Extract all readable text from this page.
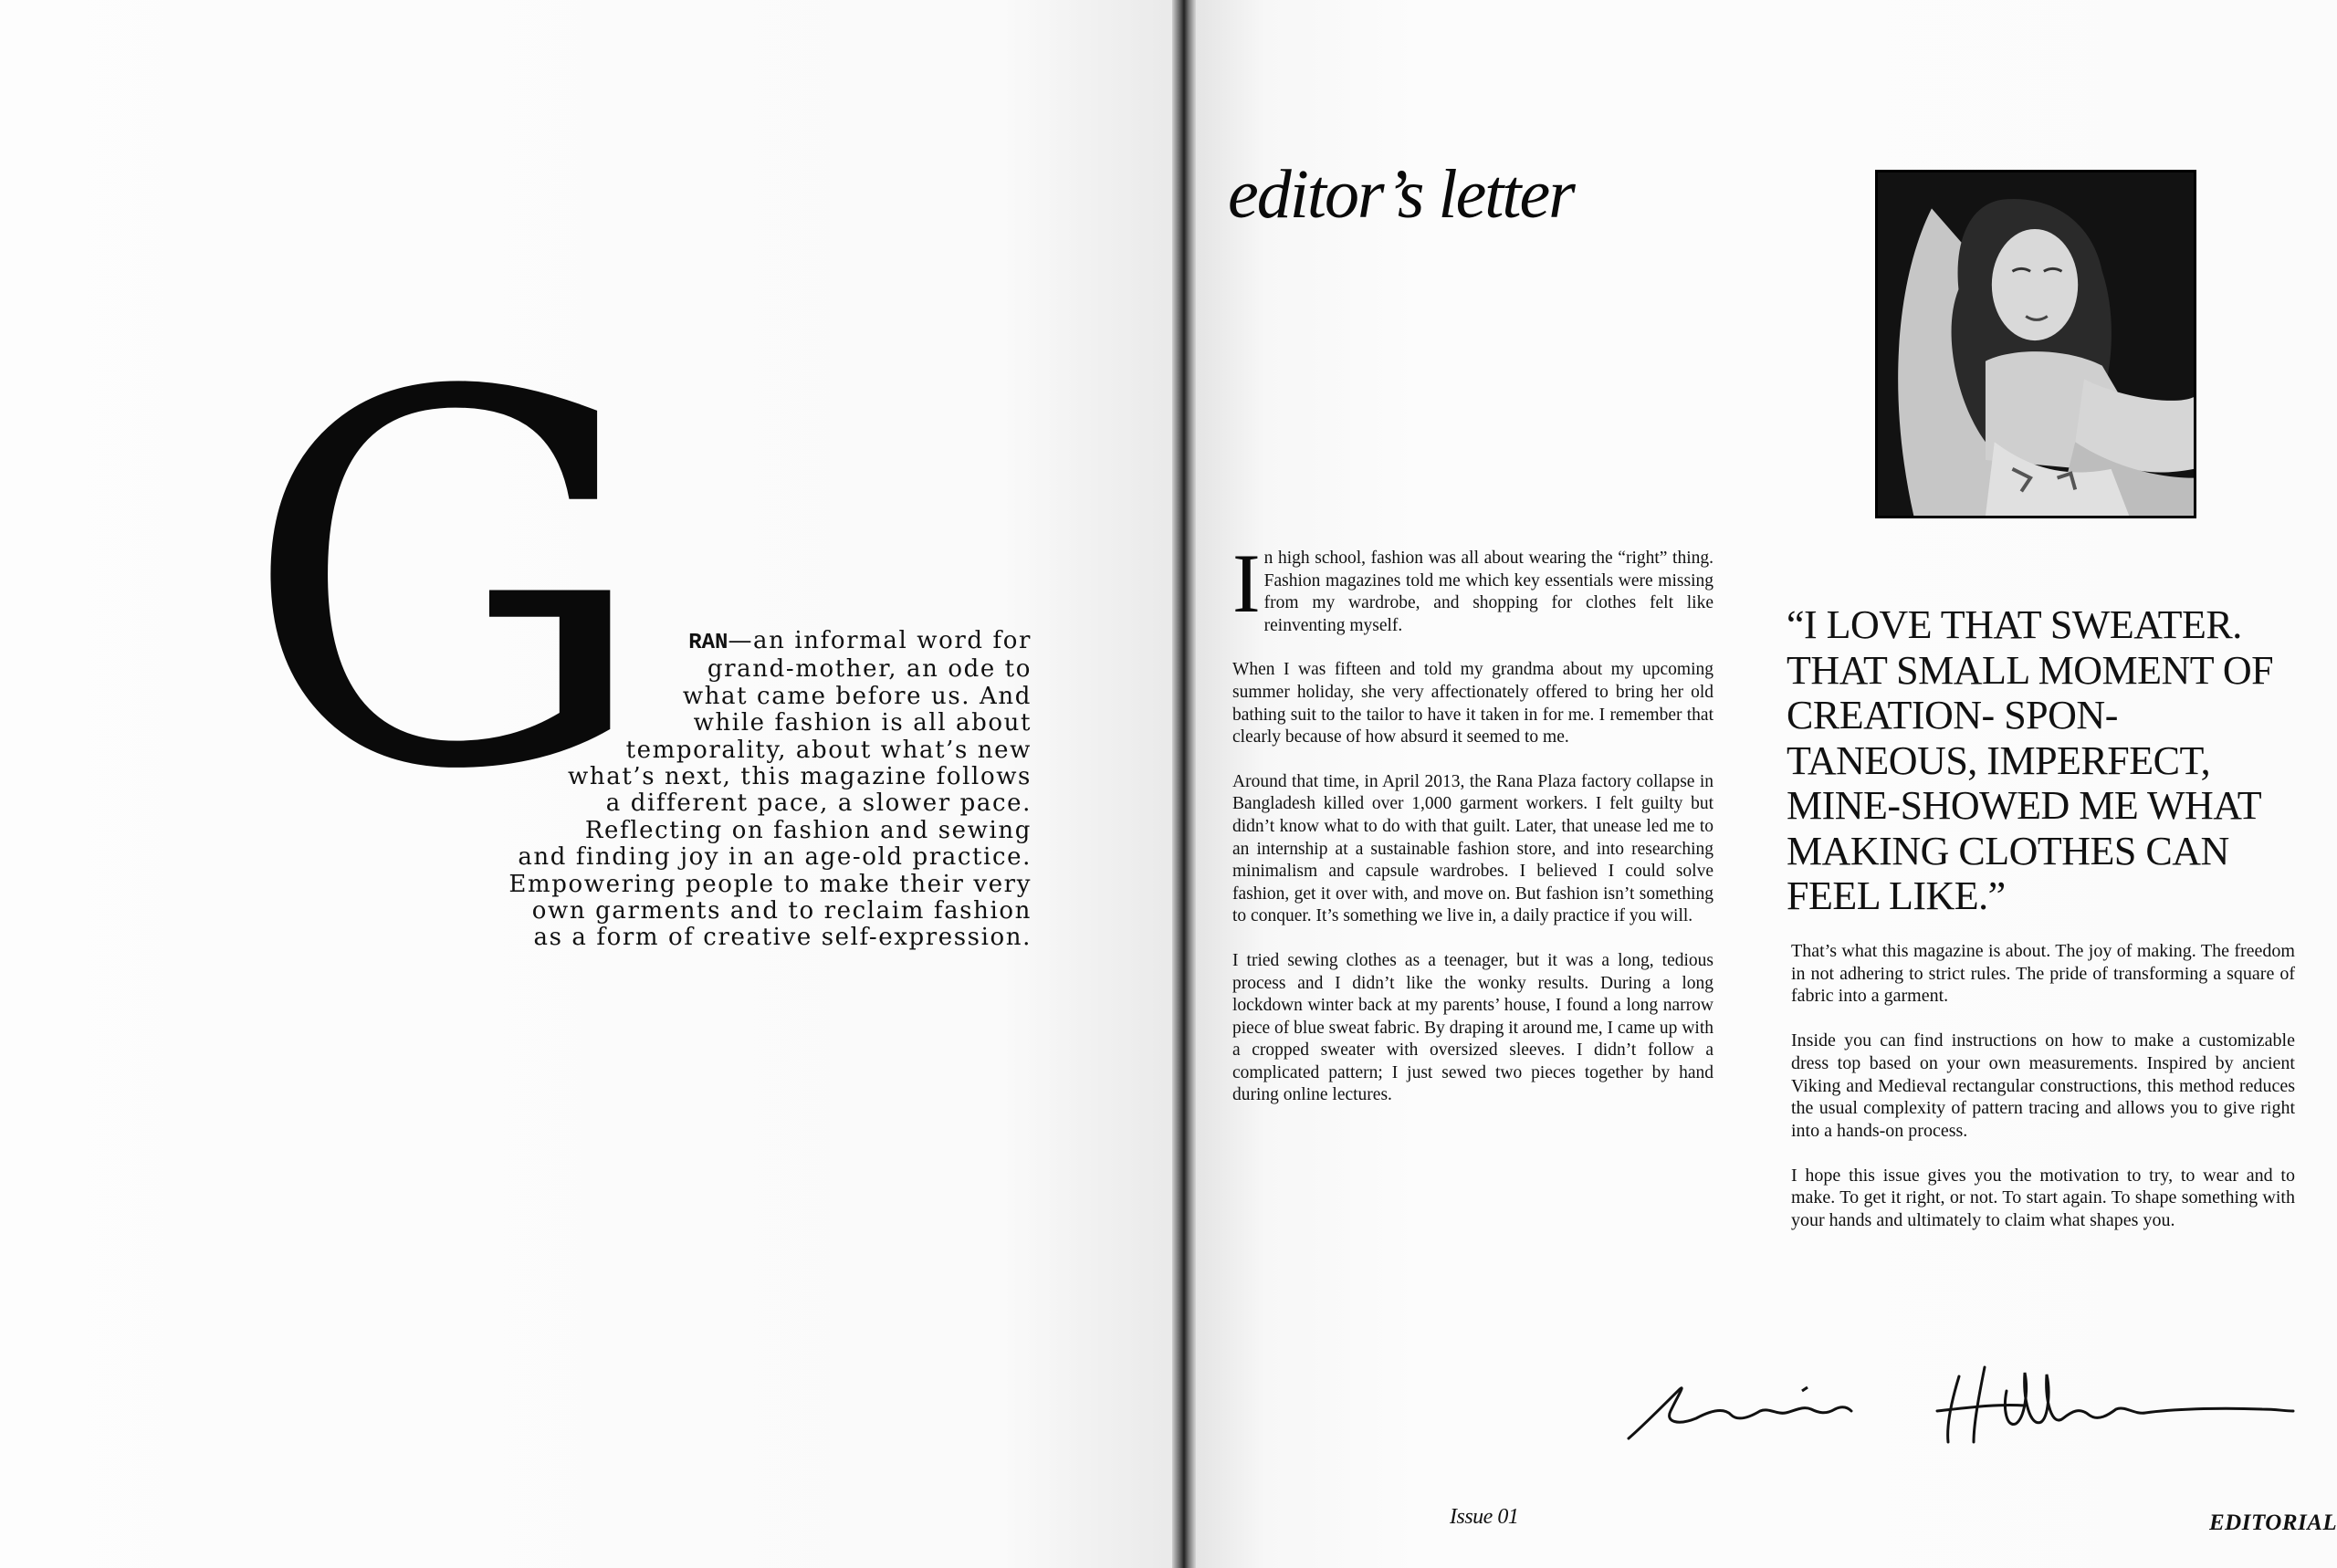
G	RAN—an informal word for
grand-mother, an ode to
what came before us. And
while fashion is all about
temporality, about what’s new
what’s next, this magazine follows
a different pace, a slower pace.
Reflecting on fashion and sewing
and finding joy in an age-old practice.
Empowering people to make their very
own garments and to reclaim fashion
as a form of creative self-expression.
editor’s letter

In high school, fashion was all about wearing the “right” thing. Fashion magazines told me which key essentials were missing from my wardrobe, and shopping for clothes felt like reinventing myself.

When I was fifteen and told my grandma about my upcoming summer holiday, she very affectionately offered to bring her old bathing suit to the tailor to have it taken in for me. I remember that clearly because of how absurd it seemed to me.

Around that time, in April 2013, the Rana Plaza factory collapse in Bangladesh killed over 1,000 garment workers. I felt guilty but didn’t know what to do with that guilt. Later, that unease led me to an internship at a sustainable fashion store, and into researching minimalism and capsule wardrobes. I believed I could solve fashion, get it over with, and move on. But fashion isn’t something to conquer. It’s something we live in, a daily practice if you will.

I tried sewing clothes as a teenager, but it was a long, tedious process and I didn’t like the wonky results. During a long lockdown winter back at my parents’ house, I found a long narrow piece of blue sweat fabric. By draping it around me, I came up with a cropped sweater with oversized sleeves. I didn’t follow a complicated pattern; I just sewed two pieces together by hand during online lectures.

“I LOVE THAT SWEATER. THAT SMALL MOMENT OF CREATION- SPON-TANEOUS, IMPERFECT, MINE-SHOWED ME WHAT MAKING CLOTHES CAN FEEL LIKE.”

That’s what this magazine is about. The joy of making. The freedom in not adhering to strict rules. The pride of transforming a square of fabric into a garment.

Inside you can find instructions on how to make a customizable dress top based on your own measurements. Inspired by ancient Viking and Medieval rectangular constructions, this method reduces the usual complexity of pattern tracing and allows you to give right into a hands-on process.

I hope this issue gives you the motivation to try, to wear and to make. To get it right, or not. To start again. To shape something with your hands and ultimately to claim what shapes you.

Issue 01	EDITORIAL
